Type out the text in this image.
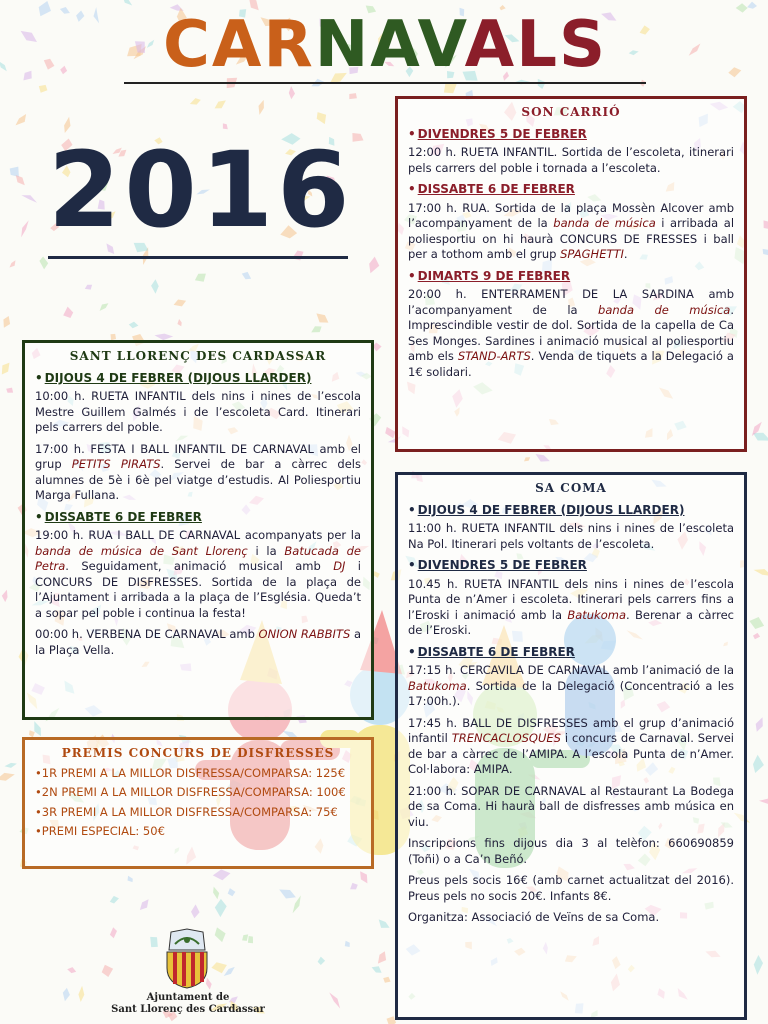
CARNAVALS
2016
SON CARRIÓ
• DIVENDRES 5 DE FEBRER

12:00 h. RUETA INFANTIL. Sortida de l’escoleta, itinerari pels carrers del poble i tornada a l’escoleta.

• DISSABTE 6 DE FEBRER

17:00 h. RUA. Sortida de la plaça Mossèn Alcover amb l’acompanyament de la banda de música i arribada al poliesportiu on hi haurà CONCURS DE FRESSES i ball per a tothom amb el grup SPAGHETTI.

• DIMARTS 9 DE FEBRER

20:00 h. ENTERRAMENT DE LA SARDINA amb l’acompanyament de la banda de música. Imprescindible vestir de dol. Sortida de la capella de Ca Ses Monges. Sardines i animació musical al poliesportiu amb els STAND-ARTS. Venda de tiquets a la Delegació a 1€ solidari.

SANT LLORENÇ DES CARDASSAR
• DIJOUS 4 DE FEBRER (DIJOUS LLARDER)

10:00 h. RUETA INFANTIL dels nins i nines de l’escola Mestre Guillem Galmés i de l’escoleta Card. Itinerari pels carrers del poble.

17:00 h. FESTA I BALL INFANTIL DE CARNAVAL amb el grup PETITS PIRATS. Servei de bar a càrrec dels alumnes de 5è i 6è pel viatge d’estudis. Al Poliesportiu Marga Fullana.

• DISSABTE 6 DE FEBRER

19:00 h. RUA I BALL DE CARNAVAL acompanyats per la banda de música de Sant Llorenç i la Batucada de Petra. Seguidament, animació musical amb DJ i CONCURS DE DISFRESSES. Sortida de la plaça de l’Ajuntament i arribada a la plaça de l’Església. Queda’t a sopar pel poble i continua la festa!

00:00 h. VERBENA DE CARNAVAL amb ONION RABBITS a la Plaça Vella.

PREMIS CONCURS DE DISFRESSES
•1R PREMI A LA MILLOR DISFRESSA/COMPARSA: 125€
•2N PREMI A LA MILLOR DISFRESSA/COMPARSA: 100€
•3R PREMI A LA MILLOR DISFRESSA/COMPARSA: 75€
•PREMI ESPECIAL: 50€
SA COMA
• DIJOUS 4 DE FEBRER (DIJOUS LLARDER)

11:00 h. RUETA INFANTIL dels nins i nines de l’escoleta Na Pol. Itinerari pels voltants de l’escoleta.

• DIVENDRES 5 DE FEBRER

10.45 h. RUETA INFANTIL dels nins i nines de l’escola Punta de n’Amer i escoleta. Itinerari pels carrers fins a l’Eroski i animació amb la Batukoma. Berenar a càrrec de l’Eroski.

• DISSABTE 6 DE FEBRER

17:15 h. CERCAVILA DE CARNAVAL amb l’animació de la Batukoma. Sortida de la Delegació (Concentració a les 17:00h.).

17:45 h. BALL DE DISFRESSES amb el grup d’animació infantil TRENCACLOSQUES i concurs de Carnaval. Servei de bar a càrrec de l’AMIPA. A l’escola Punta de n’Amer. Col·labora: AMIPA.

21:00 h. SOPAR DE CARNAVAL al Restaurant La Bodega de sa Coma. Hi haurà ball de disfresses amb música en viu.

Inscripcions fins dijous dia 3 al telèfon: 660690859 (Toñi) o a Ca’n Beñó.

Preus pels socis 16€ (amb carnet actualitzat del 2016). Preus pels no socis 20€. Infants 8€.

Organitza: Associació de Veïns de sa Coma.

Ajuntament de
Sant Llorenç des Cardassar
